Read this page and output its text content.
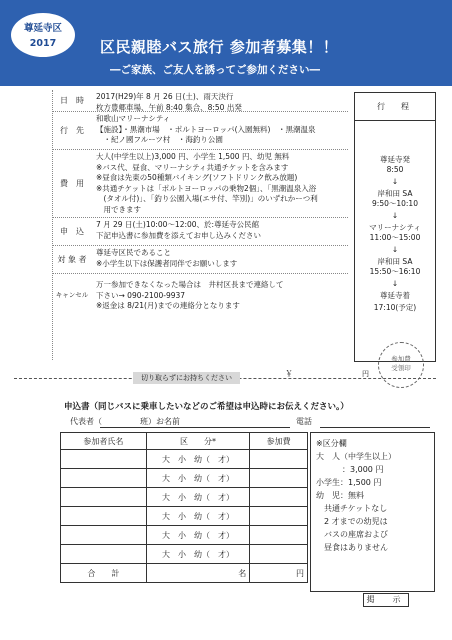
尊延寺区
2017	区民親睦バス旅行 参加者募集！！
―ご家族、ご友人を誘ってご参加ください―
日　時	2017(H29)年 8 月 26 日(土)、雨天決行
枚方豊郷車場、午前 8:40 集合、8:50 出発
行　先
和歌山マリーナシティ
【施設】・黒潮市場　・ポルトヨーロッパ(入園無料)　・黒潮温泉
　・紀ノ國フルーツ村　・海釣り公園
費　用
大人(中学生以上)3,000 円、小学生 1,500 円、幼児 無料
※バス代、昼食、マリーナシティ共通チケットを含みます
※昼食は先東の50種類バイキング(ソフトドリンク飲み放題)
※共通チケットは「ポルトヨーロッパの乗物2個」、「黒潮温泉入浴
　(タオル付)」、「釣り公園入場(エサ付、竿別)」のいずれかーつ利
　用できます
申　込
7 月 29 日(土)10:00～12:00、於:尊延寺公民館
下記申込書に参加費を添えてお申し込みください
対 象 者
尊延寺区民であること
※小学生以下は保護者同伴でお願いします
キャンセル
万一参加できなくなった場合は　井村区長まで連絡して
下さい→ 090-2100-9937
※返金は 8/21(月)までの連絡分となります
行　程
尊延寺発
8:50
↓
岸和田 SA
9:50～10:10
↓
マリーナシティ
11:00～15:00
↓
岸和田 SA
15:50～16:10
↓
尊延寺着
17:10(予定)
切り取らずにお持ちください	￥	円
参加費
受領印
申込書（同じバスに乗車したいなどのご希望は申込時にお伝えください。）
代表者（	班）お名前	電話
参加者氏名	区　　分*	参加費
	大　小　幼（　才）	
	大　小　幼（　才）	
	大　小　幼（　才）	
	大　小　幼（　才）	
	大　小　幼（　才）	
	大　小　幼（　才）	
合　　計	名	円
※区分欄
大　人（中学生以上）
：3,000 円
小学生：1,500 円
幼　児：無料
　共通チケットなし
　2 才までの幼児は
　バスの座席および
　昼食はありません
掲　示
